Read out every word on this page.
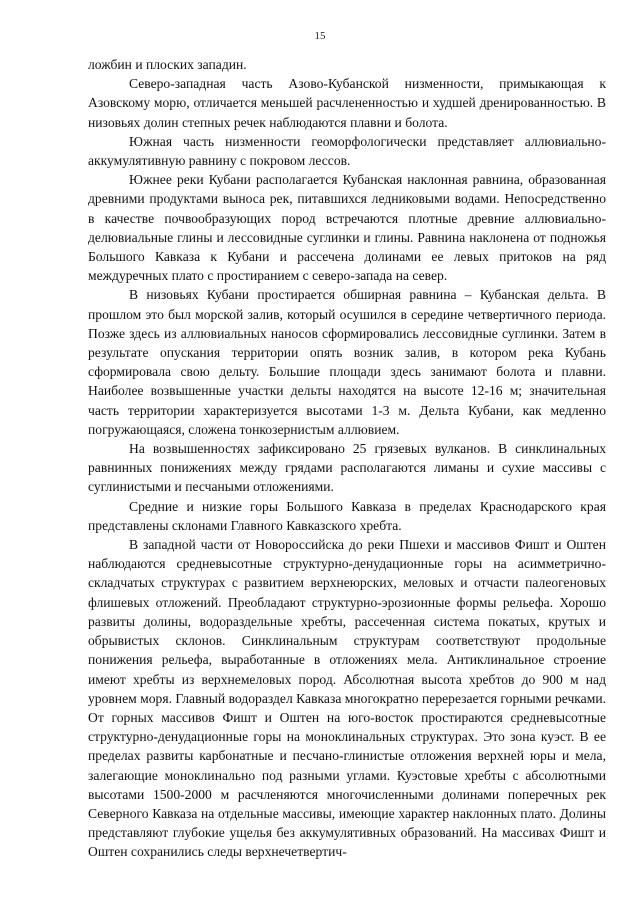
15

ложбин и плоских западин.

Северо-западная часть Азово-Кубанской низменности, примыкающая к Азовскому морю, отличается меньшей расчлененностью и худшей дренированностью. В низовьях долин степных речек наблюдаются плавни и болота.

Южная часть низменности геоморфологически представляет аллювиально-аккумулятивную равнину с покровом лессов.

Южнее реки Кубани располагается Кубанская наклонная равнина, образованная древними продуктами выноса рек, питавшихся ледниковыми водами. Непосредственно в качестве почвообразующих пород встречаются плотные древние аллювиально-делювиальные глины и лессовидные суглинки и глины. Равнина наклонена от подножья Большого Кавказа к Кубани и рассечена долинами ее левых притоков на ряд междуречных плато с простиранием с северо-запада на север.

В низовьях Кубани простирается обширная равнина – Кубанская дельта. В прошлом это был морской залив, который осушился в середине четвертичного периода. Позже здесь из аллювиальных наносов сформировались лессовидные суглинки. Затем в результате опускания территории опять возник залив, в котором река Кубань сформировала свою дельту. Большие площади здесь занимают болота и плавни. Наиболее возвышенные участки дельты находятся на высоте 12-16 м; значительная часть территории характеризуется высотами 1-3 м. Дельта Кубани, как медленно погружающаяся, сложена тонкозернистым аллювием.

На возвышенностях зафиксировано 25 грязевых вулканов. В синклинальных равнинных понижениях между грядами располагаются лиманы и сухие массивы с суглинистыми и песчаными отложениями.

Средние и низкие горы Большого Кавказа в пределах Краснодарского края представлены склонами Главного Кавказского хребта.

В западной части от Новороссийска до реки Пшехи и массивов Фишт и Оштен наблюдаются средневысотные структурно-денудационные горы на асимметрично-складчатых структурах с развитием верхнеюрских, меловых и отчасти палеогеновых флишевых отложений. Преобладают структурно-эрозионные формы рельефа. Хорошо развиты долины, водораздельные хребты, рассеченная система покатых, крутых и обрывистых склонов. Синклинальным структурам соответствуют продольные понижения рельефа, выработанные в отложениях мела. Антиклинальное строение имеют хребты из верхнемеловых пород. Абсолютная высота хребтов до 900 м над уровнем моря. Главный водораздел Кавказа многократно перерезается горными речками. От горных массивов Фишт и Оштен на юго-восток простираются средневысотные структурно-денудационные горы на моноклинальных структурах. Это зона куэст. В ее пределах развиты карбонатные и песчано-глинистые отложения верхней юры и мела, залегающие моноклинально под разными углами. Куэстовые хребты с абсолютными высотами 1500-2000 м расчленяются многочисленными долинами поперечных рек Северного Кавказа на отдельные массивы, имеющие характер наклонных плато. Долины представляют глубокие ущелья без аккумулятивных образований. На массивах Фишт и Оштен сохранились следы верхнечетвертич-
